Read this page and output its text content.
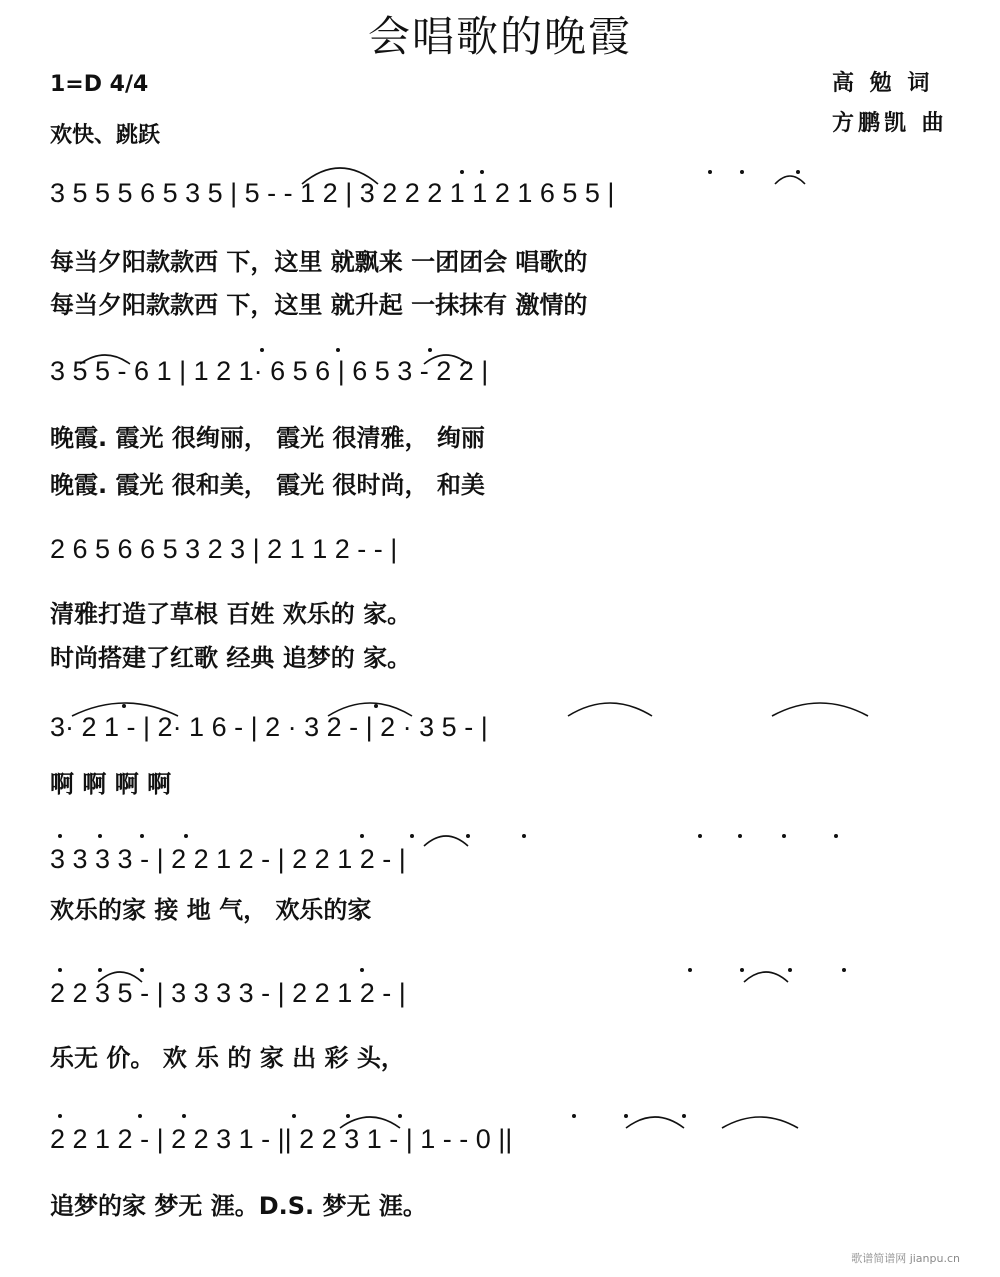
会唱歌的晚霞
1=D 4/4
欢快、跳跃
高 勉 词
方鹏凯 曲
3 5 5 5 6 5 3 5 | 5 - - 1 2 | 3 2 2 2 1 1 2 1 6 5 5 |
每当夕阳款款西 下，这里 就飘来 一团团会 唱歌的
每当夕阳款款西 下，这里 就升起 一抹抹有 激情的
3 5 5 - 6 1 | 1 2 1· 6 5 6 | 6 5 3 - 2 2 |
晚霞. 霞光 很绚丽， 霞光 很清雅， 绚丽
晚霞. 霞光 很和美， 霞光 很时尚， 和美
2 6 5 6 6 5 3 2 3 | 2 1 1 2 - - |
清雅打造了草根 百姓 欢乐的 家。
时尚搭建了红歌 经典 追梦的 家。
3· 2 1 - | 2· 1 6 - | 2 · 3 2 - | 2 · 3 5 - |
啊 啊 啊 啊
3 3 3 3 - | 2 2 1 2 - | 2 2 1 2 - |
欢乐的家 接 地 气， 欢乐的家
2 2 3 5 - | 3 3 3 3 - | 2 2 1 2 - |
乐无 价。 欢 乐 的 家 出 彩 头，
2 2 1 2 - | 2 2 3 1 - || 2 2 3 1 - | 1 - - 0 ||
追梦的家 梦无 涯。D.S. 梦无 涯。
歌谱简谱网 jianpu.cn
